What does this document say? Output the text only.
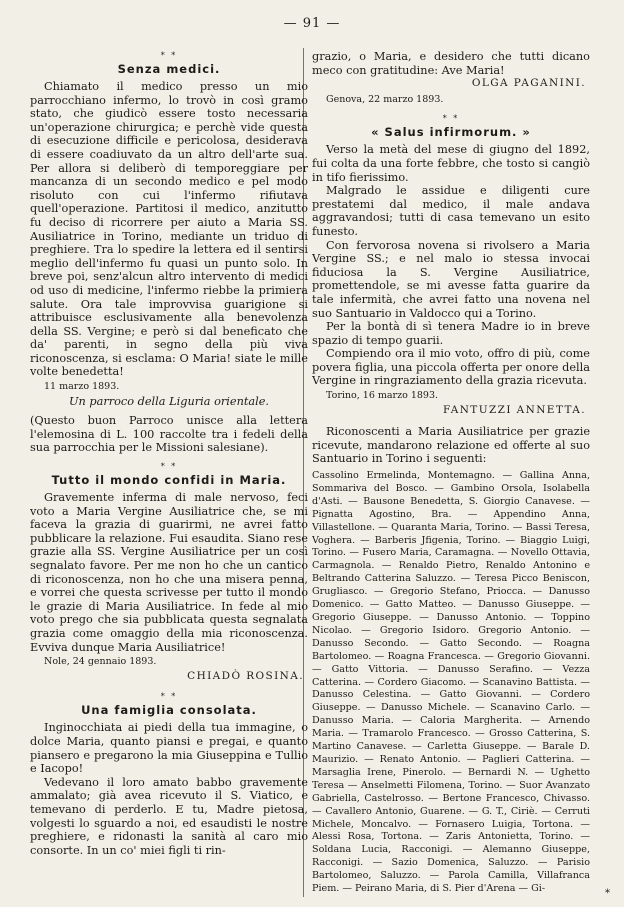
— 91 —
* *
Senza medici.

Chiamato il medico presso un mio parrocchiano infermo, lo trovò in così gramo stato, che giudicò essere tosto necessaria un'operazione chirurgica; e perchè vide questa di esecuzione difficile e pericolosa, desiderava di essere coadiuvato da un altro dell'arte sua. Per allora si deliberò di temporeggiare per mancanza di un secondo medico e pel modo risoluto con cui l'infermo rifiutava quell'operazione. Partitosi il medico, anzitutto fu deciso di ricorrere per aiuto a Maria SS. Ausiliatrice in Torino, mediante un triduo di preghiere. Tra lo spedire la lettera ed il sentirsi meglio dell'infermo fu quasi un punto solo. In breve poi, senz'alcun altro intervento di medici od uso di medicine, l'infermo riebbe la primiera salute. Ora tale improvvisa guarigione si attribuisce esclusivamente alla benevolenza della SS. Vergine; e però si dal beneficato che da' parenti, in segno della più viva riconoscenza, si esclama: O Maria! siate le mille volte benedetta!

11 marzo 1893.

Un parroco della Liguria orientale.

(Questo buon Parroco unisce alla lettera l'elemosina di L. 100 raccolte tra i fedeli della sua parrocchia per le Missioni salesiane).

* *
Tutto il mondo confidi in Maria.

Gravemente inferma di male nervoso, feci voto a Maria Vergine Ausiliatrice che, se mi faceva la grazia di guarirmi, ne avrei fatto pubblicare la relazione. Fui esaudita. Siano rese grazie alla SS. Vergine Ausiliatrice per un così segnalato favore. Per me non ho che un cantico di riconoscenza, non ho che una misera penna, e vorrei che questa scrivesse per tutto il mondo le grazie di Maria Ausiliatrice. In fede al mio voto prego che sia pubblicata questa segnalata grazia come omaggio della mia riconoscenza. Evviva dunque Maria Ausiliatrice!

Nole, 24 gennaio 1893.

CHIADÒ ROSINA.

* *
Una famiglia consolata.

Inginocchiata ai piedi della tua immagine, o dolce Maria, quanto piansi e pregai, e quanto piansero e pregarono la mia Giuseppina e Tullio e Iacopo!

Vedevano il loro amato babbo gravemente ammalato; già avea ricevuto il S. Viatico, e temevano di perderlo. E tu, Madre pietosa, volgesti lo sguardo a noi, ed esaudisti le nostre preghiere, e ridonasti la sanità al caro mio consorte. In un co' miei figli ti rin-

grazio, o Maria, e desidero che tutti dicano meco con gratitudine: Ave Maria!

OLGA PAGANINI.

Genova, 22 marzo 1893.

* *
« Salus infirmorum. »

Verso la metà del mese di giugno del 1892, fui colta da una forte febbre, che tosto si cangiò in tifo fierissimo.

Malgrado le assidue e diligenti cure prestatemi dal medico, il male andava aggravandosi; tutti di casa temevano un esito funesto.

Con fervorosa novena si rivolsero a Maria Vergine SS.; e nel malo io stessa invocai fiduciosa la S. Vergine Ausiliatrice, promettendole, se mi avesse fatta guarire da tale infermità, che avrei fatto una novena nel suo Santuario in Valdocco qui a Torino.

Per la bontà di sì tenera Madre io in breve spazio di tempo guarii.

Compiendo ora il mio voto, offro di più, come povera figlia, una piccola offerta per onore della Vergine in ringraziamento della grazia ricevuta.

Torino, 16 marzo 1893.

FANTUZZI ANNETTA.

Riconoscenti a Maria Ausiliatrice per grazie ricevute, mandarono relazione ed offerte al suo Santuario in Torino i seguenti:

Cassolino Ermelinda, Montemagno. — Gallina Anna, Sommariva del Bosco. — Gambino Orsola, Isolabella d'Asti. — Bausone Benedetta, S. Giorgio Canavese. — Pignatta Agostino, Bra. — Appendino Anna, Villastellone. — Quaranta Maria, Torino. — Bassi Teresa, Voghera. — Barberis Jfigenia, Torino. — Biaggio Luigi, Torino. — Fusero Maria, Caramagna. — Novello Ottavia, Carmagnola. — Renaldo Pietro, Renaldo Antonino e Beltrando Catterina Saluzzo. — Teresa Picco Beniscon, Grugliasco. — Gregorio Stefano, Priocca. — Danusso Domenico. — Gatto Matteo. — Danusso Giuseppe. — Gregorio Giuseppe. — Danusso Antonio. — Toppino Nicolao. — Gregorio Isidoro. Gregorio Antonio. — Danusso Secondo. — Gatto Secondo. — Roagna Bartolomeo. — Roagna Francesca. — Gregorio Giovanni. — Gatto Vittoria. — Danusso Serafino. — Vezza Catterina. — Cordero Giacomo. — Scanavino Battista. — Danusso Celestina. — Gatto Giovanni. — Cordero Giuseppe. — Danusso Michele. — Scanavino Carlo. — Danusso Maria. — Caloria Margherita. — Arnendo Maria. — Tramarolo Francesco. — Grosso Catterina, S. Martino Canavese. — Carletta Giuseppe. — Barale D. Maurizio. — Renato Antonio. — Paglieri Catterina. — Marsaglia Irene, Pinerolo. — Bernardi N. — Ughetto Teresa — Anselmetti Filomena, Torino. — Suor Avanzato Gabriella, Castelrosso. — Bertone Francesco, Chivasso. — Cavallero Antonio, Guarene. — G. T., Ciriè. — Cerruti Michele, Moncalvo. — Fornasero Luigia, Tortona. — Alessi Rosa, Tortona. — Zaris Antonietta, Torino. — Soldana Lucia, Racconigi. — Alemanno Giuseppe, Racconigi. — Sazio Domenica, Saluzzo. — Parisio Bartolomeo, Saluzzo. — Parola Camilla, Villafranca Piem. — Peirano Maria, di S. Pier d'Arena — Gi-	*
